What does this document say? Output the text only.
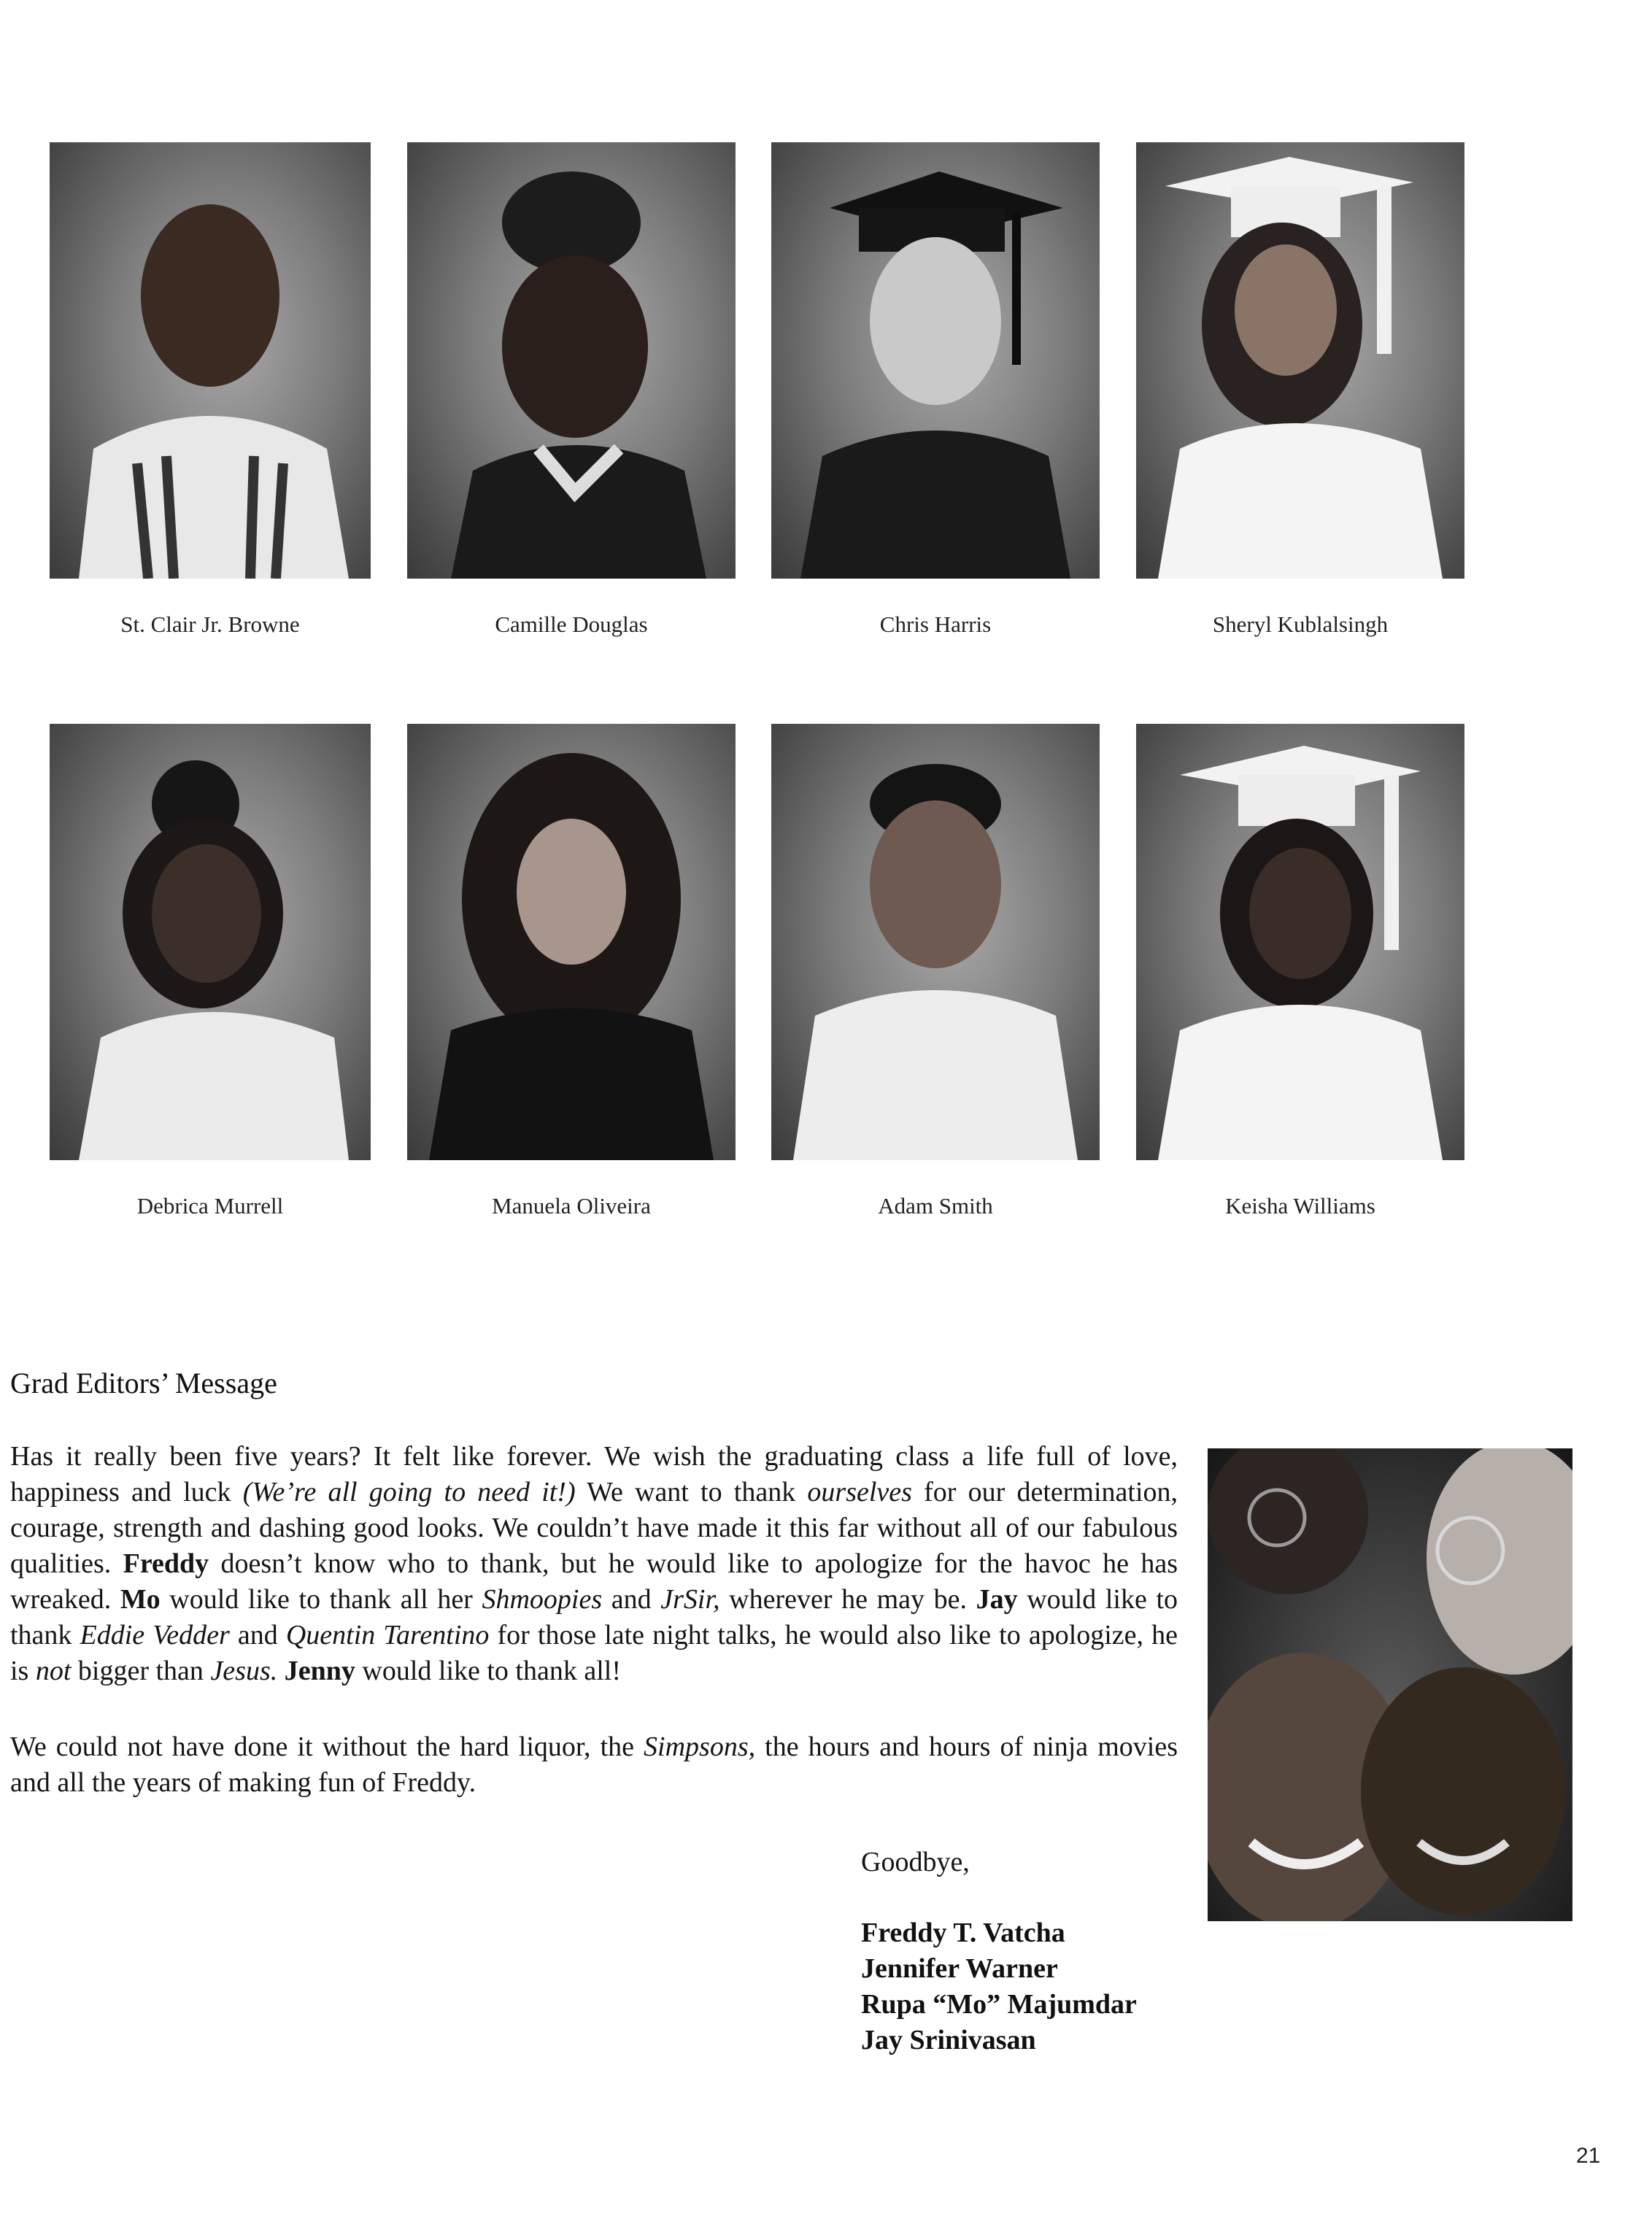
St. Clair Jr. Browne	Camille Douglas	Chris Harris	Sheryl Kublalsingh
Debrica Murrell	Manuela Oliveira	Adam Smith	Keisha Williams
Grad Editors’ Message
Has it really been five years? It felt like forever. We wish the graduating class a life full of love, happiness and luck (We’re all going to need it!) We want to thank ourselves for our determination, courage, strength and dashing good looks. We couldn’t have made it this far without all of our fabulous qualities. Freddy doesn’t know who to thank, but he would like to apologize for the havoc he has wreaked. Mo would like to thank all her Shmoopies and JrSir, wherever he may be. Jay would like to thank Eddie Vedder and Quentin Tarentino for those late night talks, he would also like to apologize, he is not bigger than Jesus. Jenny would like to thank all!
We could not have done it without the hard liquor, the Simpsons, the hours and hours of ninja movies and all the years of making fun of Freddy.
Goodbye,
Freddy T. Vatcha
Jennifer Warner
Rupa “Mo” Majumdar
Jay Srinivasan
21
